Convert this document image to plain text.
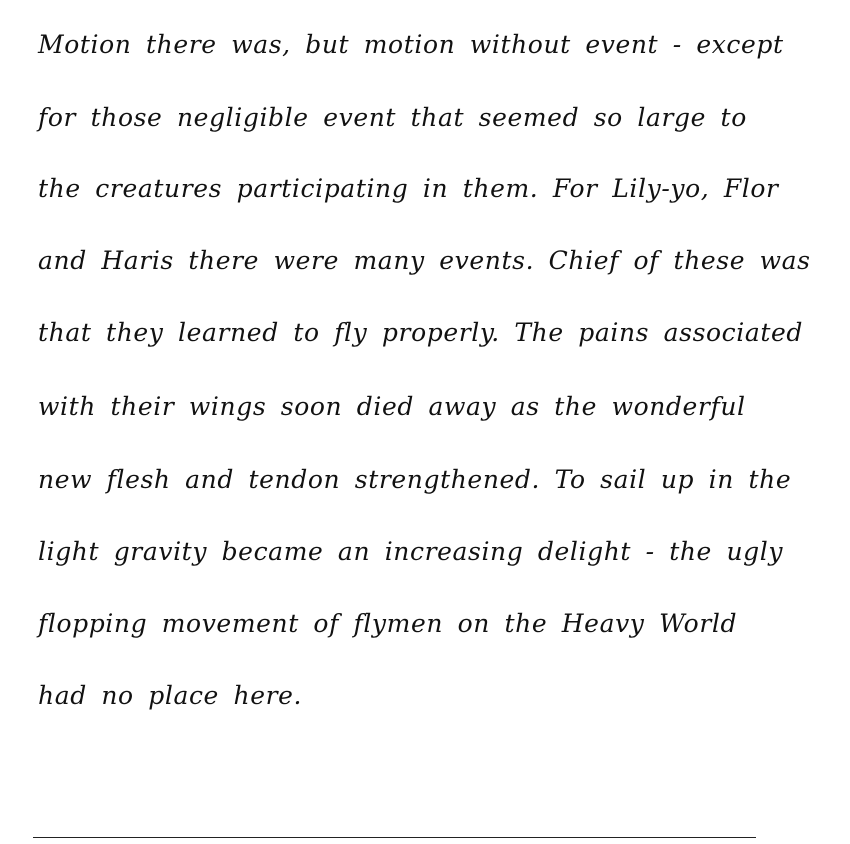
Motion there was, but motion without event - except

for those negligible event that seemed so large to

the creatures participating in them. For Lily-yo, Flor

and Haris there were many events. Chief of these was

that they learned to fly properly. The pains associated

with their wings soon died away as the wonderful

new flesh and tendon strengthened. To sail up in the

light gravity became an increasing delight - the ugly

flopping movement of flymen on the Heavy World

had no place here.
